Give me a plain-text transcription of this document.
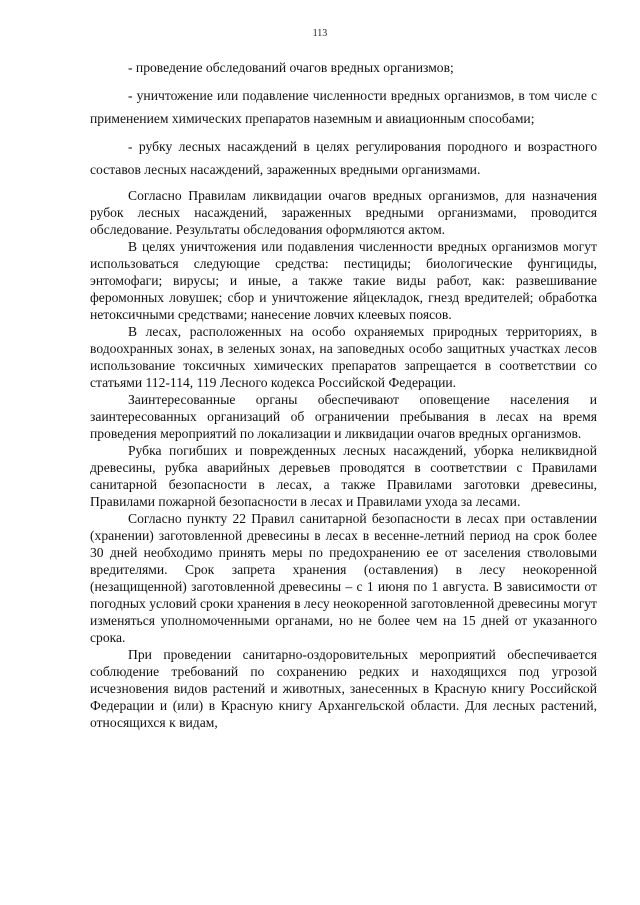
113

- проведение обследований очагов вредных организмов;

- уничтожение или подавление численности вредных организмов, в том числе с применением химических препаратов наземным и авиационным способами;

- рубку лесных насаждений в целях регулирования породного и возрастного составов лесных насаждений, зараженных вредными организмами.

Согласно Правилам ликвидации очагов вредных организмов, для назначения рубок лесных насаждений, зараженных вредными организмами, проводится обследование. Результаты обследования оформляются актом.

В целях уничтожения или подавления численности вредных организмов могут использоваться следующие средства: пестициды; биологические фунгициды, энтомофаги; вирусы; и иные, а также такие виды работ, как: развешивание феромонных ловушек; сбор и уничтожение яйцекладок, гнезд вредителей; обработка нетоксичными средствами; нанесение ловчих клеевых поясов.

В лесах, расположенных на особо охраняемых природных территориях, в водоохранных зонах, в зеленых зонах, на заповедных особо защитных участках лесов использование токсичных химических препаратов запрещается в соответствии со статьями 112-114, 119 Лесного кодекса Российской Федерации.

Заинтересованные органы обеспечивают оповещение населения и заинтересованных организаций об ограничении пребывания в лесах на время проведения мероприятий по локализации и ликвидации очагов вредных организмов.

Рубка погибших и поврежденных лесных насаждений, уборка неликвидной древесины, рубка аварийных деревьев проводятся в соответствии с Правилами санитарной безопасности в лесах, а также Правилами заготовки древесины, Правилами пожарной безопасности в лесах и Правилами ухода за лесами.

Согласно пункту 22 Правил санитарной безопасности в лесах при оставлении (хранении) заготовленной древесины в лесах в весенне-летний период на срок более 30 дней необходимо принять меры по предохранению ее от заселения стволовыми вредителями. Срок запрета хранения (оставления) в лесу неокоренной (незащищенной) заготовленной древесины – с 1 июня по 1 августа. В зависимости от погодных условий сроки хранения в лесу неокоренной заготовленной древесины могут изменяться уполномоченными органами, но не более чем на 15 дней от указанного срока.

При проведении санитарно-оздоровительных мероприятий обеспечивается соблюдение требований по сохранению редких и находящихся под угрозой исчезновения видов растений и животных, занесенных в Красную книгу Российской Федерации и (или) в Красную книгу Архангельской области. Для лесных растений, относящихся к видам,
